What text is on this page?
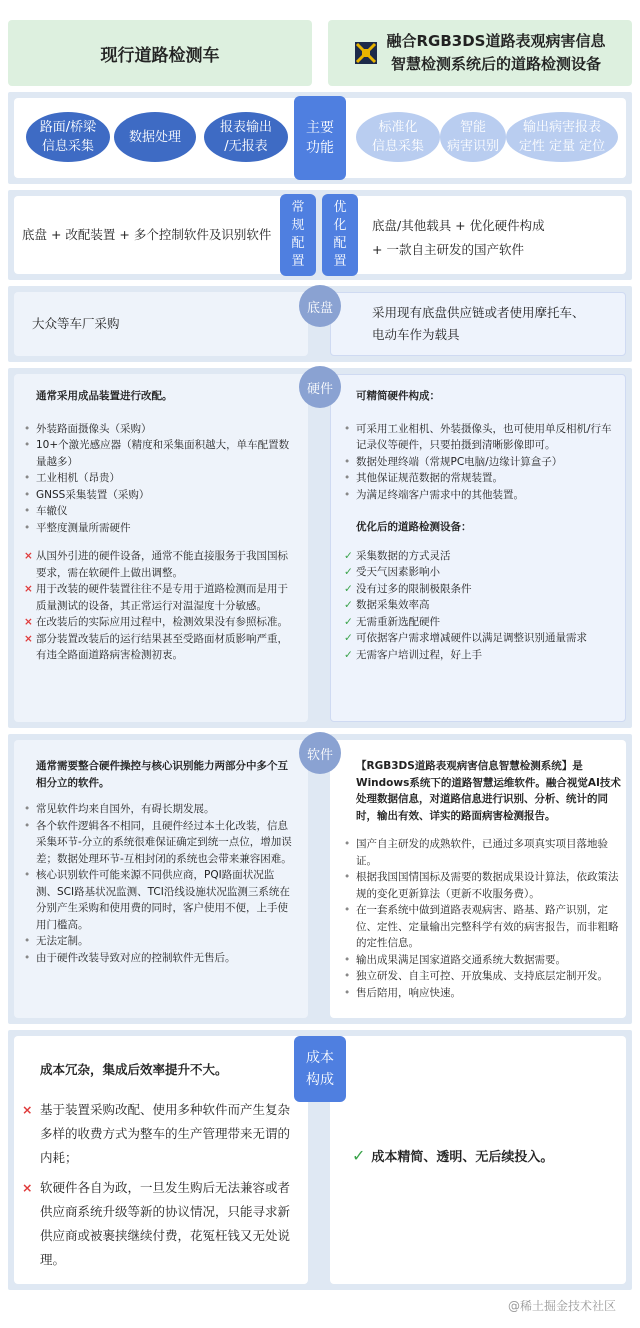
现行道路检测车
融合RGB3DS道路表观病害信息
智慧检测系统后的道路检测设备
路面/桥梁
信息采集
数据处理
报表输出
/无报表
主要
功能
标准化
信息采集
智能
病害识别
输出病害报表
定性 定量 定位
底盘 + 改配装置 + 多个控制软件及识别软件
常
规
配
置
优
化
配
置
底盘/其他载具 + 优化硬件构成
+ 一款自主研发的国产软件
大众等车厂采购
底盘	采用现有底盘供应链或者使用摩托车、
电动车作为载具
硬件
通常采用成品装置进行改配。
• 外装路面摄像头（采购）
• 10+个激光感应器（精度和采集面积越大，单车配置数量越多）
• 工业相机（昂贵）
• GNSS采集装置（采购）
• 车辙仪
• 平整度测量所需硬件
× 从国外引进的硬件设备，通常不能直接服务于我国国标要求，需在软硬件上做出调整。
× 用于改装的硬件装置往往不是专用于道路检测而是用于质量测试的设备，其正常运行对温湿度十分敏感。
× 在改装后的实际应用过程中，检测效果没有参照标准。
× 部分装置改装后的运行结果甚至受路面材质影响严重，有违全路面道路病害检测初衷。
可精简硬件构成：
• 可采用工业相机、外装摄像头，也可使用单反相机/行车记录仪等硬件，只要拍摄到清晰影像即可。
• 数据处理终端（常规PC电脑/边缘计算盒子）
• 其他保证规范数据的常规装置。
• 为满足终端客户需求中的其他装置。
优化后的道路检测设备：
✓ 采集数据的方式灵活
✓ 受天气因素影响小
✓ 没有过多的限制极限条件
✓ 数据采集效率高
✓ 无需重新选配硬件
✓ 可依据客户需求增减硬件以满足调整识别通量需求
✓ 无需客户培训过程，好上手
软件
通常需要整合硬件操控与核心识别能力两部分中多个互相分立的软件。
• 常见软件均来自国外，有碍长期发展。
• 各个软件逻辑各不相同，且硬件经过本土化改装，信息采集环节-分立的系统很难保证确定到统一点位，增加误差；数据处理环节-互相封闭的系统也会带来兼容困难。
• 核心识别软件可能来源不同供应商，PQI路面状况监测、SCI路基状况监测、TCI沿线设施状况监测三系统在分别产生采购和使用费的同时，客户使用不便，上手使用门槛高。
• 无法定制。
• 由于硬件改装导致对应的控制软件无售后。
【RGB3DS道路表观病害信息智慧检测系统】是Windows系统下的道路智慧运维软件。融合视觉AI技术处理数据信息，对道路信息进行识别、分析、统计的同时，输出有效、详实的路面病害检测报告。
• 国产自主研发的成熟软件，已通过多项真实项目落地验证。
• 根据我国国情国标及需要的数据成果设计算法，依政策法规的变化更新算法（更新不收服务费）。
• 在一套系统中做到道路表观病害、路基、路产识别，定位、定性、定量输出完整科学有效的病害报告，而非粗略的定性信息。
• 输出成果满足国家道路交通系统大数据需要。
• 独立研发、自主可控、开放集成、支持底层定制开发。
• 售后陪用，响应快速。
成本
构成
成本冗杂，集成后效率提升不大。
× 基于装置采购改配、使用多种软件而产生复杂多样的收费方式为整车的生产管理带来无谓的内耗；
× 软硬件各自为政，一旦发生购后无法兼容或者供应商系统升级等新的协议情况，只能寻求新供应商或被裹挟继续付费，花冤枉钱又无处说理。
✓ 成本精简、透明、无后续投入。
@稀土掘金技术社区
